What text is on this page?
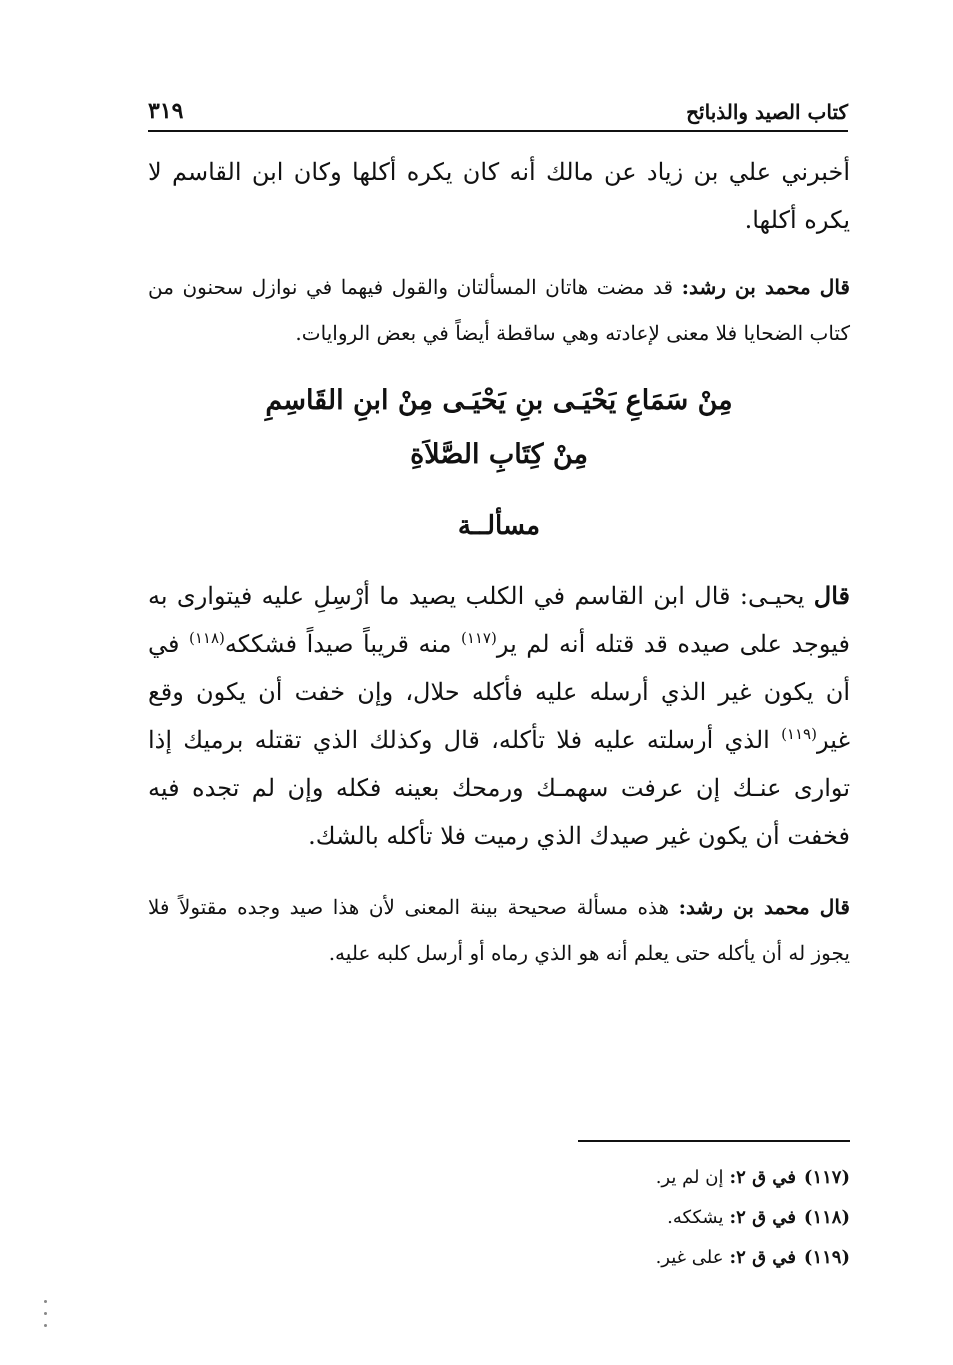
كتاب الصيد والذبائح
٣١٩

أخبرني علي بن زياد عن مالك أنه كان يكره أكلها وكان ابن القاسم لا يكره أكلها.

قال محمد بن رشد: قد مضت هاتان المسألتان والقول فيهما في نوازل سحنون من كتاب الضحايا فلا معنى لإعادته وهي ساقطة أيضاً في بعض الروايات.

مِنْ سَمَاعِ يَحْيَـى بنِ يَحْيَـى مِنْ ابنِ القَاسِمِ

مِنْ كِتَابِ الصَّلاَةِ

مسألــة

قال يحيـى: قال ابن القاسم في الكلب يصيد ما أرْسِلِ عليه فيتوارى به فيوجد على صيده قد قتله أنه لم ير$^{(١١٧)}$ منه قريباً صيداً فشككه$^{(١١٨)}$ في أن يكون غير الذي أرسله عليه فأكله حلال، وإن خفت أن يكون وقع غير$^{(١١٩)}$ الذي أرسلته عليه فلا تأكله، قال وكذلك الذي تقتله برميك إذا توارى عنـك إن عرفت سهمـك ورمحك بعينه فكله وإن لم تجده فيه فخفت أن يكون غير صيدك الذي رميت فلا تأكله بالشك.

قال محمد بن رشد: هذه مسألة صحيحة بينة المعنى لأن هذا صيد وجده مقتولاً فلا يجوز له أن يأكله حتى يعلم أنه هو الذي رماه أو أرسل كلبه عليه.

(١١٧)في ق ٢:إن لم ير.

(١١٨)في ق ٢:يشككه.

(١١٩)في ق ٢:على غير.
